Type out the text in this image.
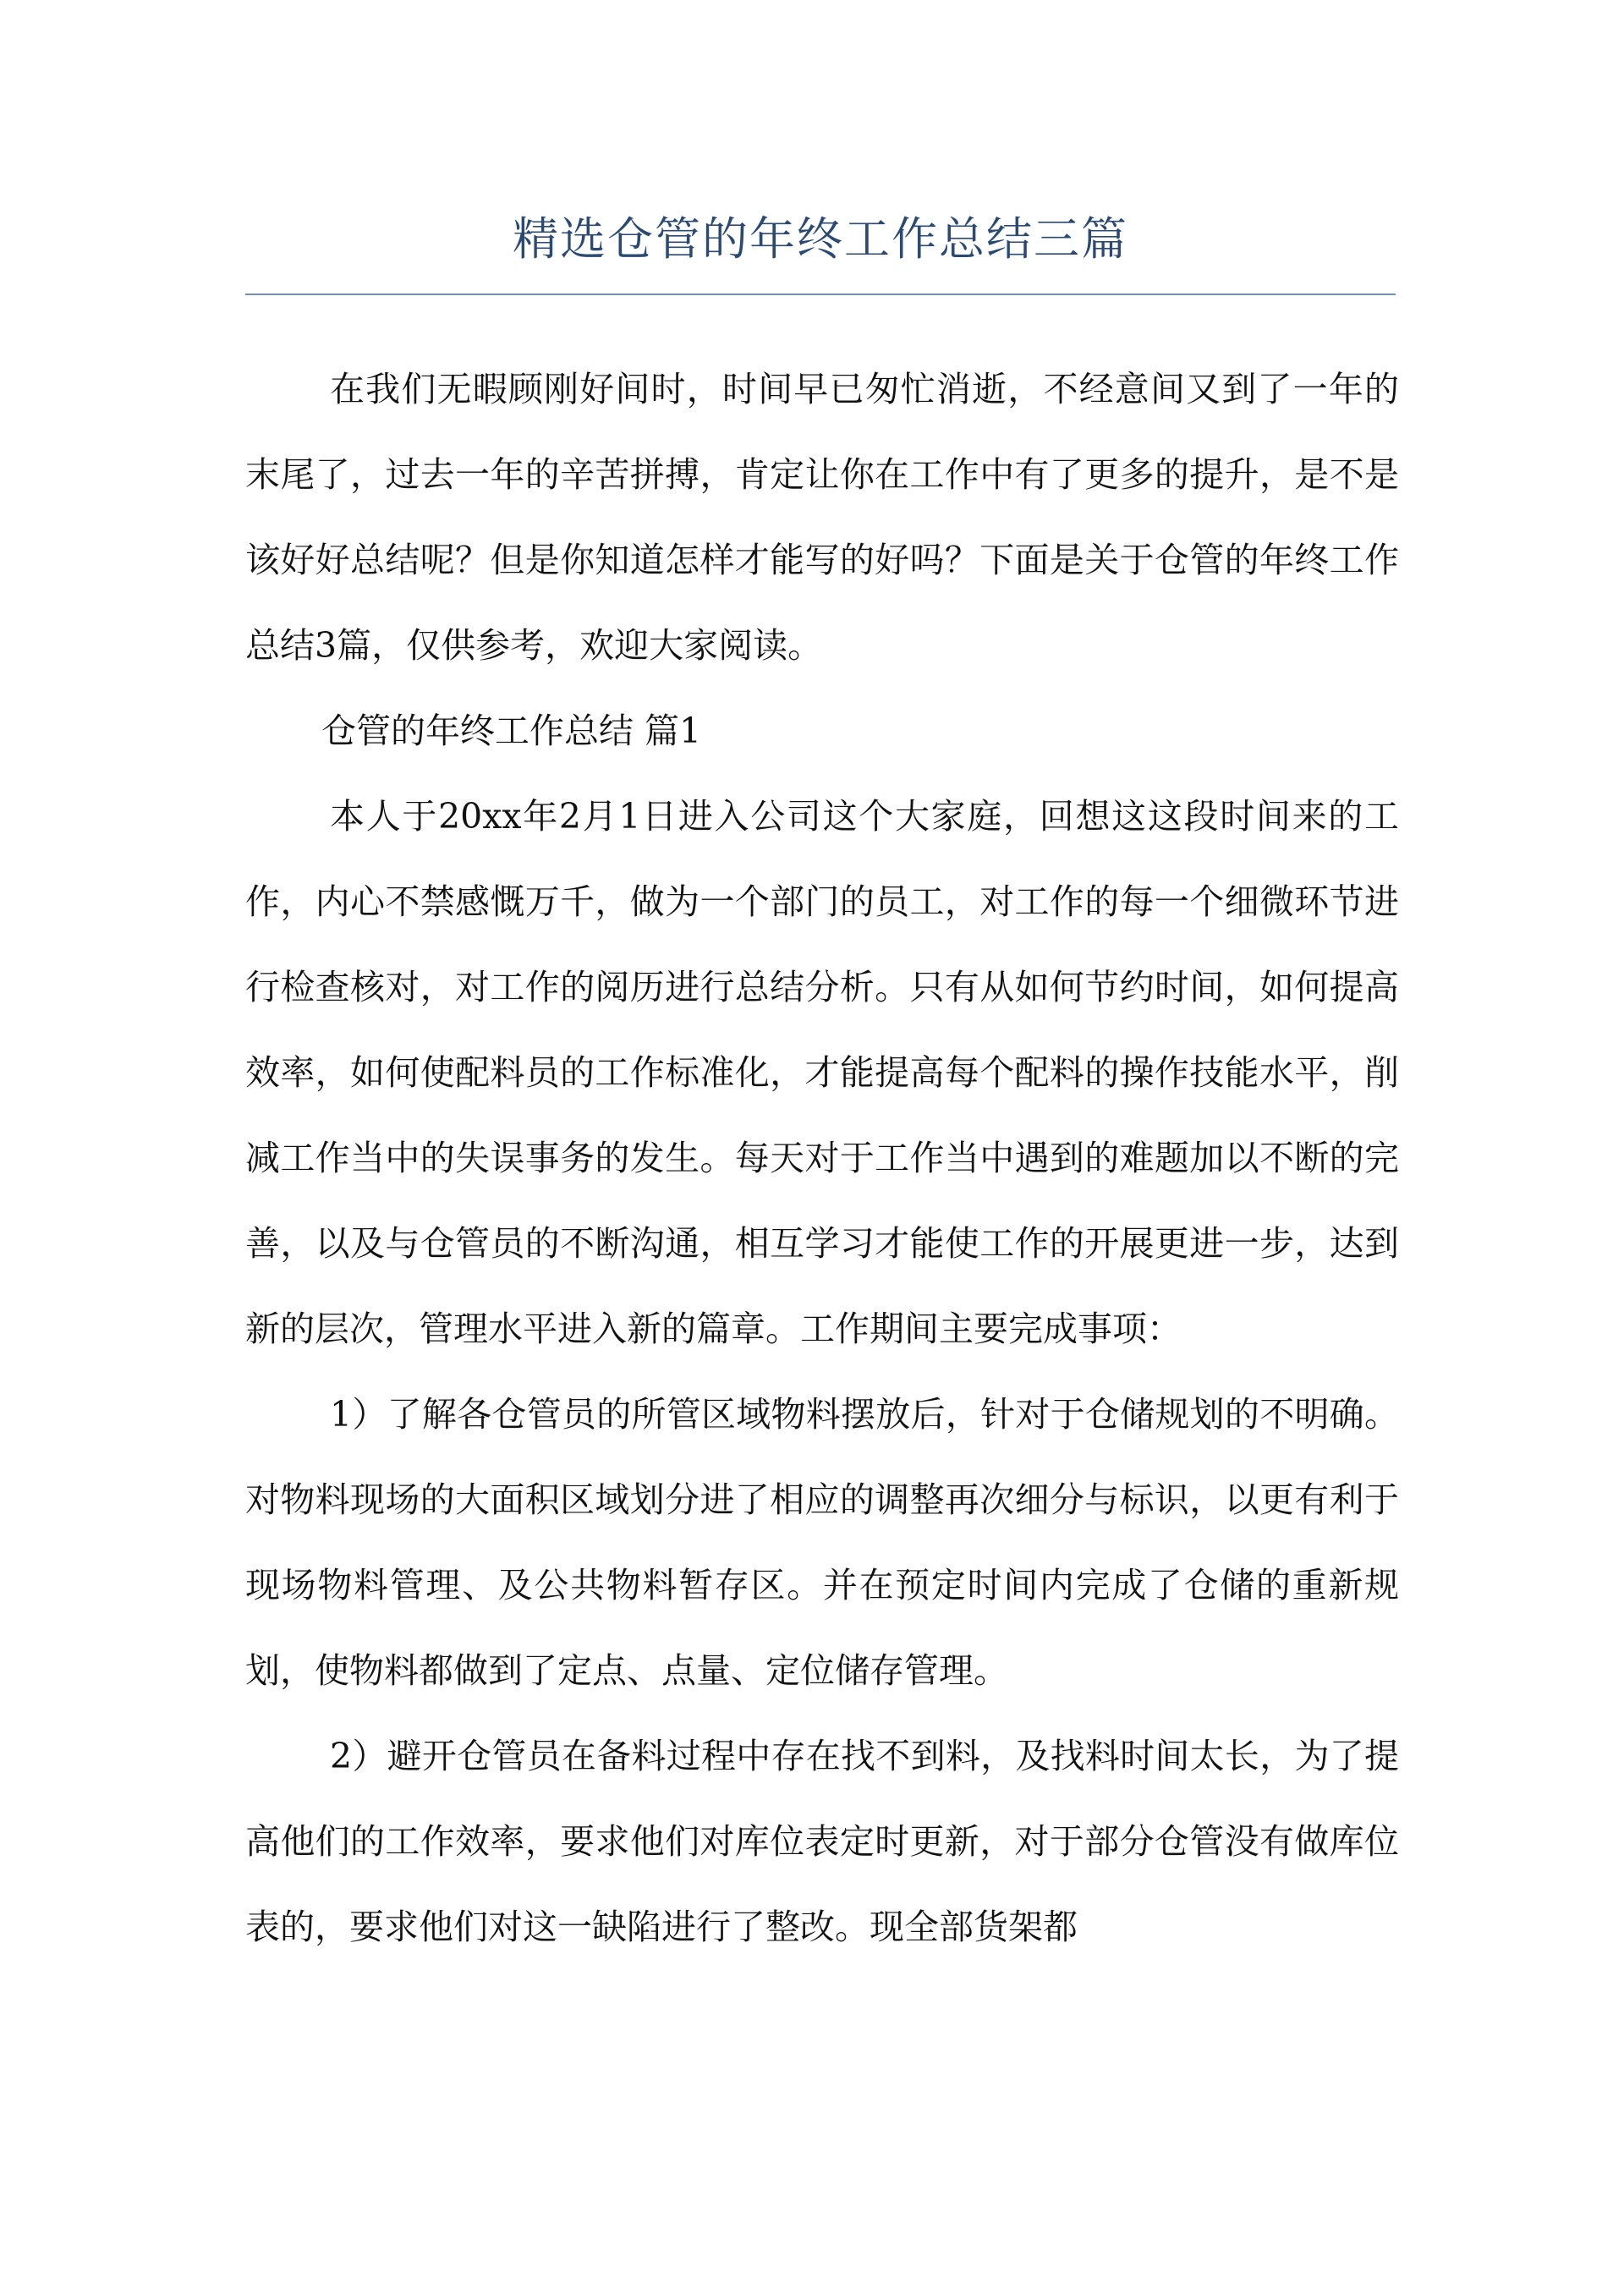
精选仓管的年终工作总结三篇

在我们无暇顾刚好间时，时间早已匆忙消逝，不经意间又到了一年的末尾了，过去一年的辛苦拼搏，肯定让你在工作中有了更多的提升，是不是该好好总结呢？但是你知道怎样才能写的好吗？下面是关于仓管的年终工作总结3篇，仅供参考，欢迎大家阅读。

仓管的年终工作总结 篇1

本人于20xx年2月1日进入公司这个大家庭，回想这这段时间来的工作，内心不禁感慨万千，做为一个部门的员工，对工作的每一个细微环节进行检查核对，对工作的阅历进行总结分析。只有从如何节约时间，如何提高效率，如何使配料员的工作标准化，才能提高每个配料的操作技能水平，削减工作当中的失误事务的发生。每天对于工作当中遇到的难题加以不断的完善，以及与仓管员的不断沟通，相互学习才能使工作的开展更进一步，达到新的层次，管理水平进入新的篇章。工作期间主要完成事项：

1）了解各仓管员的所管区域物料摆放后，针对于仓储规划的不明确。对物料现场的大面积区域划分进了相应的调整再次细分与标识，以更有利于现场物料管理、及公共物料暂存区。并在预定时间内完成了仓储的重新规划，使物料都做到了定点、点量、定位储存管理。

2）避开仓管员在备料过程中存在找不到料，及找料时间太长，为了提高他们的工作效率，要求他们对库位表定时更新，对于部分仓管没有做库位表的，要求他们对这一缺陷进行了整改。现全部货架都
